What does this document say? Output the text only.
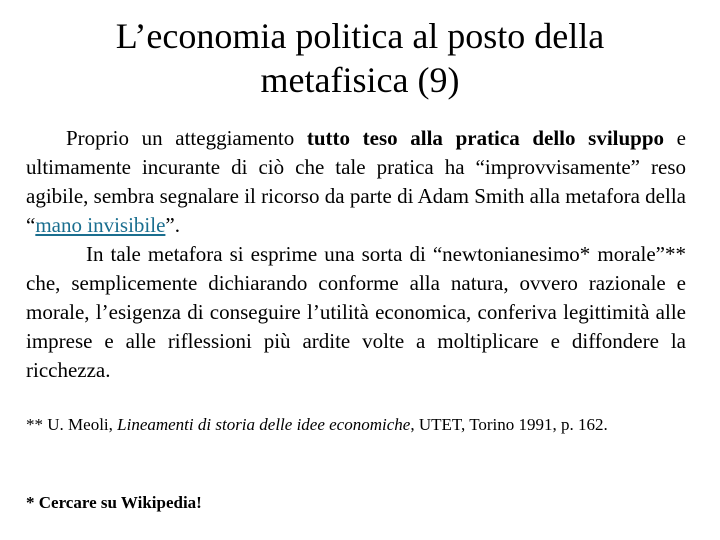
L’economia politica al posto della
metafisica (9)

Proprio un atteggiamento tutto teso alla pratica dello sviluppo e ultimamente incurante di ciò che tale pratica ha “improvvisamente” reso agibile, sembra segnalare il ricorso da parte di Adam Smith alla metafora della “mano invisibile”.

In tale metafora si esprime una sorta di “newtonianesimo* morale”** che, semplicemente dichiarando conforme alla natura, ovvero razionale e morale, l’esigenza di conseguire l’utilità economica, conferiva legittimità alle imprese e alle riflessioni più ardite volte a moltiplicare e diffondere la ricchezza.

** U. Meoli, Lineamenti di storia delle idee economiche, UTET, Torino 1991, p. 162.
* Cercare su Wikipedia!
